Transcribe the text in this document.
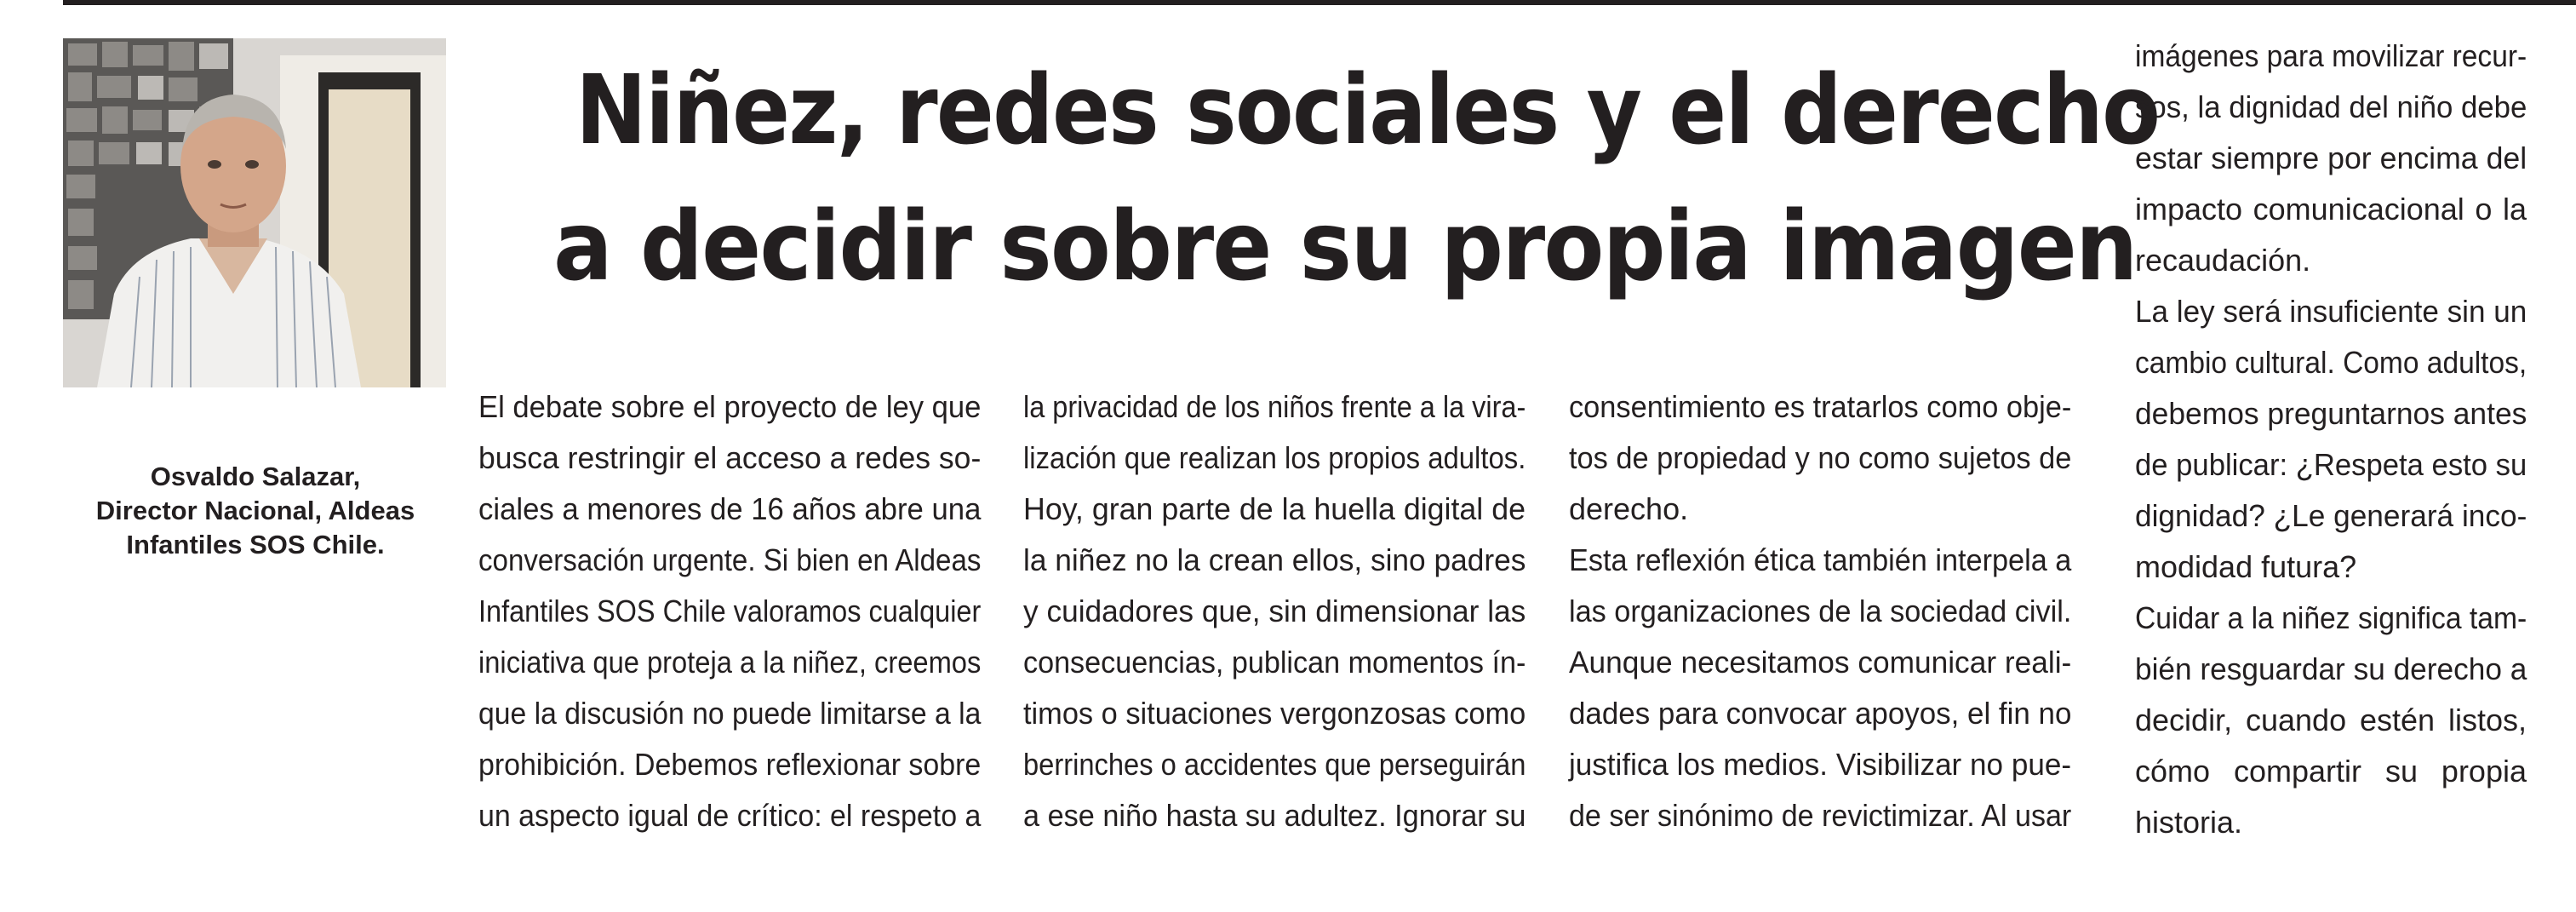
Osvaldo Salazar,
Director Nacional, Aldeas
Infantiles SOS Chile.
Niñez, redes sociales y el derecho
a decidir sobre su propia imagen
El debate sobre el proyecto de ley que
busca restringir el acceso a redes so-
ciales a menores de 16 años abre una
conversación urgente. Si bien en Aldeas
Infantiles SOS Chile valoramos cualquier
iniciativa que proteja a la niñez, creemos
que la discusión no puede limitarse a la
prohibición. Debemos reflexionar sobre
un aspecto igual de crítico: el respeto a
la privacidad de los niños frente a la vira-
lización que realizan los propios adultos.
Hoy, gran parte de la huella digital de
la niñez no la crean ellos, sino padres
y cuidadores que, sin dimensionar las
consecuencias, publican momentos ín-
timos o situaciones vergonzosas como
berrinches o accidentes que perseguirán
a ese niño hasta su adultez. Ignorar su
consentimiento es tratarlos como obje-
tos de propiedad y no como sujetos de
derecho.
Esta reflexión ética también interpela a
las organizaciones de la sociedad civil.
Aunque necesitamos comunicar reali-
dades para convocar apoyos, el fin no
justifica los medios. Visibilizar no pue-
de ser sinónimo de revictimizar. Al usar
imágenes para movilizar recur-
sos, la dignidad del niño debe
estar siempre por encima del
impacto comunicacional o la
recaudación.
La ley será insuficiente sin un
cambio cultural. Como adultos,
debemos preguntarnos antes
de publicar: ¿Respeta esto su
dignidad? ¿Le generará inco-
modidad futura?
Cuidar a la niñez significa tam-
bién resguardar su derecho a
decidir, cuando estén listos,
cómo compartir su propia
historia.
